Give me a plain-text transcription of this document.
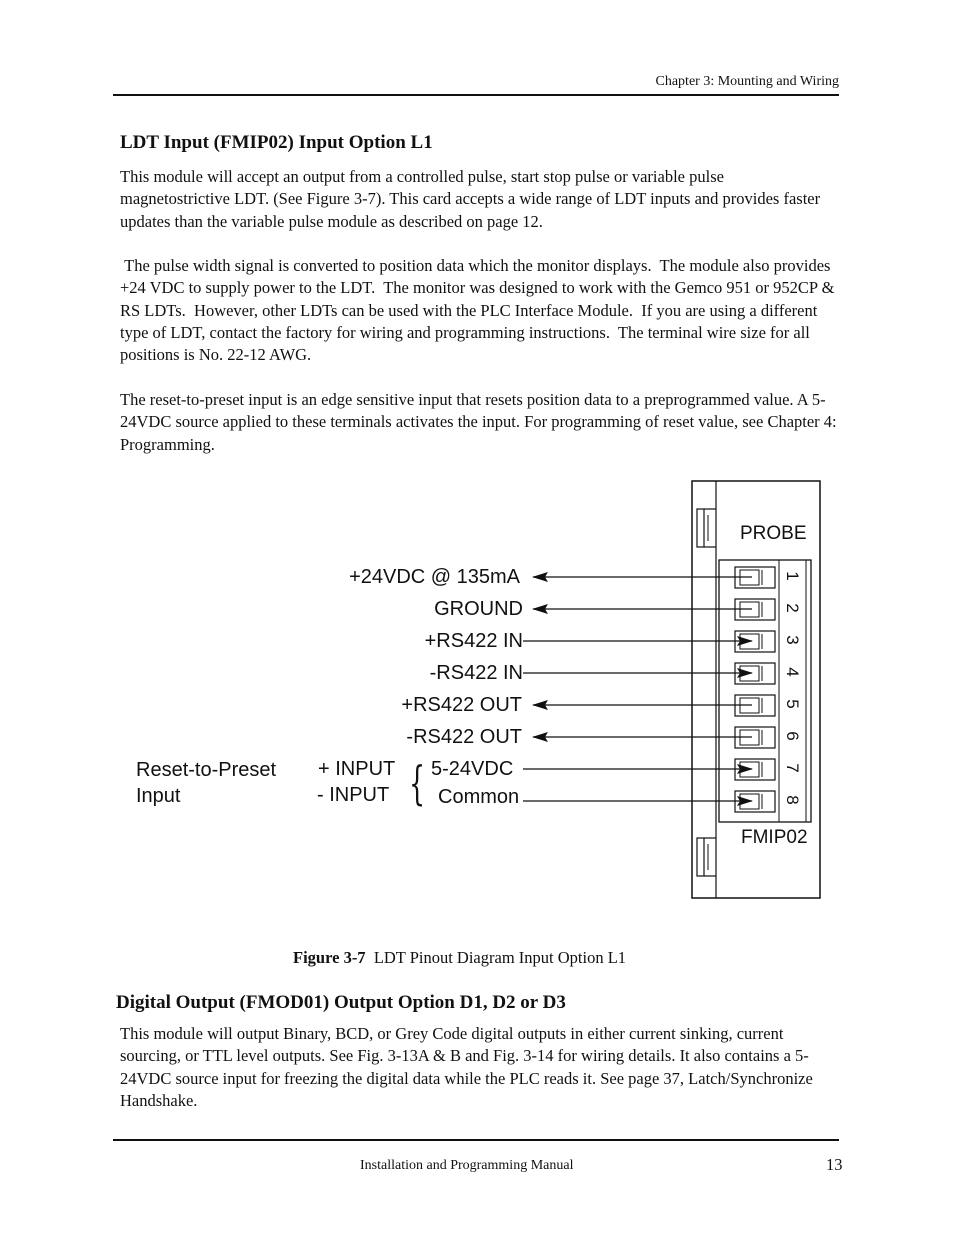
Chapter 3: Mounting and Wiring
LDT Input (FMIP02) Input Option L1

This module will accept an output from a controlled pulse, start stop pulse or variable pulse magnetostrictive LDT. (See Figure 3-7). This card accepts a wide range of LDT inputs and provides faster updates than the variable pulse module as described on page 12.

The pulse width signal is converted to position data which the monitor displays.  The module also provides +24 VDC to supply power to the LDT.  The monitor was designed to work with the Gemco 951 or 952CP & RS LDTs.  However, other LDTs can be used with the PLC Interface Module.  If you are using a different type of LDT, contact the factory for wiring and programming instructions.  The terminal wire size for all positions is No. 22-12 AWG.

The reset-to-preset input is an edge sensitive input that resets position data to a preprogrammed value. A 5-24VDC source applied to these terminals activates the input. For programming of reset value, see Chapter 4: Programming.

PROBE
FMIP02
1
2
3
4
5
6
7
8
+24VDC @ 135mA
GROUND
+RS422 IN
-RS422 IN
+RS422 OUT
-RS422 OUT
5-24VDC
Common
Reset-to-Preset
Input
+ INPUT
- INPUT {
Figure 3-7  LDT Pinout Diagram Input Option L1
Digital Output (FMOD01) Output Option D1, D2 or D3

This module will output Binary, BCD, or Grey Code digital outputs in either current sinking, current sourcing, or TTL level outputs. See Fig. 3-13A & B and Fig. 3-14 for wiring details. It also contains a 5-24VDC source input for freezing the digital data while the PLC reads it. See page 37, Latch/Synchronize Handshake.

Installation and Programming Manual	13
